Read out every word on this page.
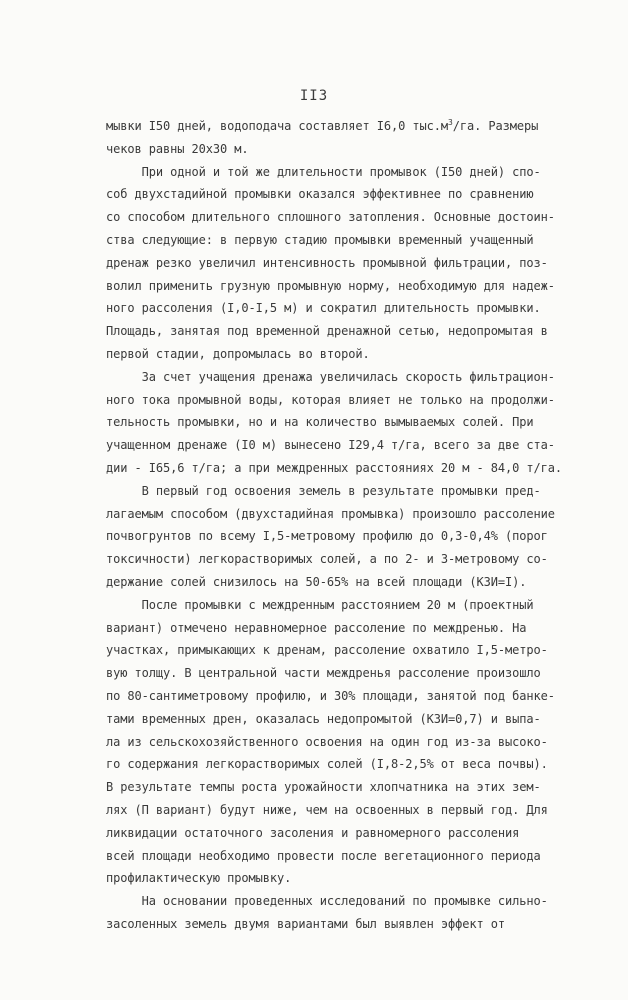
II3
мывки I50 дней, водоподача составляет I6,0 $тыс.м^3/га$. Размеры
чеков равны 20х30 м.
При одной и той же длительности промывок (I50 дней) спо-
соб двухстадийной промывки оказался эффективнее по сравнению
со способом длительного сплошного затопления. Основные достоин-
ства следующие: в первую стадию промывки временный учащенный
дренаж резко увеличил интенсивность промывной фильтрации, поз-
волил применить грузную промывную норму, необходимую для надеж-
ного рассоления (I,0-I,5 м) и сократил длительность промывки.
Площадь, занятая под временной дренажной сетью, недопромытая в
первой стадии, допромылась во второй.
За счет учащения дренажа увеличилась скорость фильтрацион-
ного тока промывной воды, которая влияет не только на продолжи-
тельность промывки, но и на количество вымываемых солей. При
учащенном дренаже (I0 м) вынесено I29,4 т/га, всего за две ста-
дии - I65,6 т/га; а при междренных расстояниях 20 м - 84,0 т/га.
В первый год освоения земель в результате промывки пред-
лагаемым способом (двухстадийная промывка) произошло рассоление
почвогрунтов по всему I,5-метровому профилю до 0,3-0,4% (порог
токсичности) легкорастворимых солей, а по 2- и 3-метровому со-
держание солей снизилось на 50-65% на всей площади (КЗИ=I).
После промывки с междренным расстоянием 20 м (проектный
вариант) отмечено неравномерное рассоление по междренью. На
участках, примыкающих к дренам, рассоление охватило I,5-метро-
вую толщу. В центральной части междренья рассоление произошло
по 80-сантиметровому профилю, и 30% площади, занятой под банке-
тами временных дрен, оказалась недопромытой (КЗИ=0,7) и выпа-
ла из сельскохозяйственного освоения на один год из-за высоко-
го содержания легкорастворимых солей (I,8-2,5% от веса почвы).
В результате темпы роста урожайности хлопчатника на этих зем-
лях (П вариант) будут ниже, чем на освоенных в первый год. Для
ликвидации остаточного засоления и равномерного рассоления
всей площади необходимо провести после вегетационного периода
профилактическую промывку.
На основании проведенных исследований по промывке сильно-
засоленных земель двумя вариантами был выявлен эффект от
